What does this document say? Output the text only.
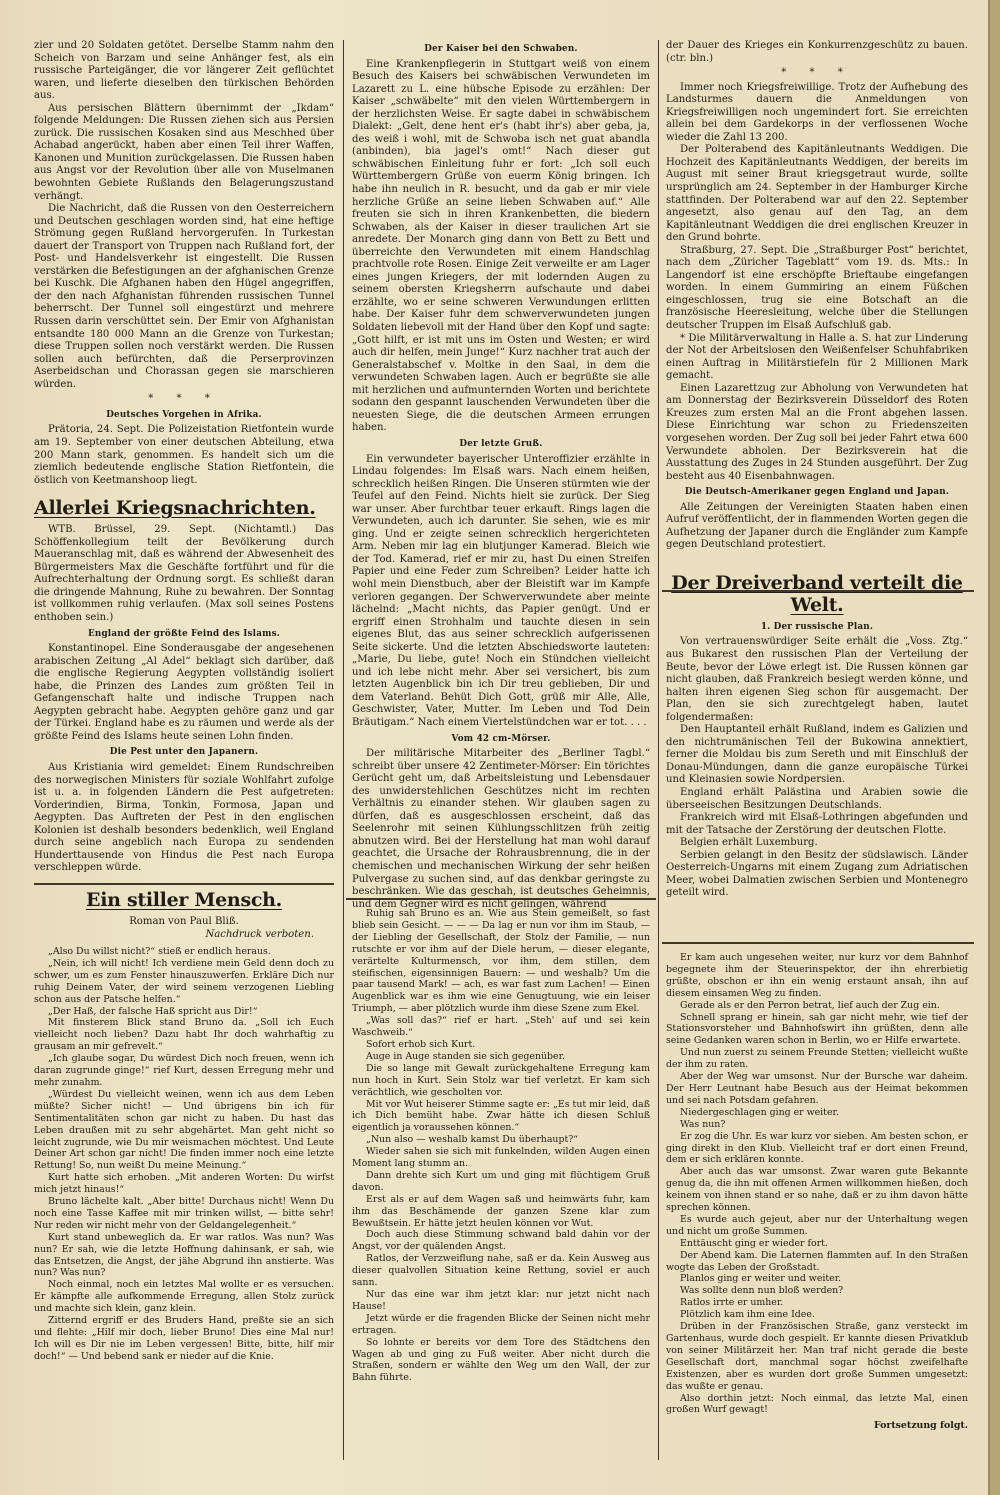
zier und 20 Soldaten getötet. Derselbe Stamm nahm den Scheich von Barzam und seine Anhänger fest, als ein russische Parteigänger, die vor längerer Zeit geflüchtet waren, und lieferte dieselben den türkischen Behörden aus.

Aus persischen Blättern übernimmt der „Ikdam“ folgende Meldungen: Die Russen ziehen sich aus Persien zurück. Die russischen Kosaken sind aus Meschhed über Achabad angerückt, haben aber einen Teil ihrer Waffen, Kanonen und Munition zurückgelassen. Die Russen haben aus Angst vor der Revolution über alle von Muselmanen bewohnten Gebiete Rußlands den Belagerungszustand verhängt.

Die Nachricht, daß die Russen von den Oesterreichern und Deutschen geschlagen worden sind, hat eine heftige Strömung gegen Rußland hervorgerufen. In Turkestan dauert der Transport von Truppen nach Rußland fort, der Post- und Handelsverkehr ist eingestellt. Die Russen verstärken die Befestigungen an der afghanischen Grenze bei Kuschk. Die Afghanen haben den Hügel angegriffen, der den nach Afghanistan führenden russischen Tunnel beherrscht. Der Tunnel soll eingestürzt und mehrere Russen darin verschüttet sein. Der Emir von Afghanistan entsandte 180 000 Mann an die Grenze von Turkestan; diese Truppen sollen noch verstärkt werden. Die Russen sollen auch befürchten, daß die Perserprovinzen Aserbeidschan und Chorassan gegen sie marschieren würden.

* * *
Deutsches Vorgehen in Afrika.

Prätoria, 24. Sept. Die Polizeistation Rietfontein wurde am 19. September von einer deutschen Abteilung, etwa 200 Mann stark, genommen. Es handelt sich um die ziemlich bedeutende englische Station Rietfontein, die östlich von Keetmanshoop liegt.

Allerlei Kriegsnachrichten.

WTB. Brüssel, 29. Sept. (Nichtamtl.) Das Schöffenkollegium teilt der Bevölkerung durch Maueranschlag mit, daß es während der Abwesenheit des Bürgermeisters Max die Geschäfte fortführt und für die Aufrechterhaltung der Ordnung sorgt. Es schließt daran die dringende Mahnung, Ruhe zu bewahren. Der Sonntag ist vollkommen ruhig verlaufen. (Max soll seines Postens enthoben sein.)

England der größte Feind des Islams.

Konstantinopel. Eine Sonderausgabe der angesehenen arabischen Zeitung „Al Adel“ beklagt sich darüber, daß die englische Regierung Aegypten vollständig isoliert habe, die Prinzen des Landes zum größten Teil in Gefangenschaft halte und indische Truppen nach Aegypten gebracht habe. Aegypten gehöre ganz und gar der Türkei. England habe es zu räumen und werde als der größte Feind des Islams heute seinen Lohn finden.

Die Pest unter den Japanern.

Aus Kristiania wird gemeldet: Einem Rundschreiben des norwegischen Ministers für soziale Wohlfahrt zufolge ist u. a. in folgenden Ländern die Pest aufgetreten: Vorderindien, Birma, Tonkin, Formosa, Japan und Aegypten. Das Auftreten der Pest in den englischen Kolonien ist deshalb besonders bedenklich, weil England durch seine angeblich nach Europa zu sendenden Hunderttausende von Hindus die Pest nach Europa verschleppen würde.

Ein stiller Mensch.
Roman von Paul Bliß.
Nachdruck verboten.

„Also Du willst nicht?“ stieß er endlich heraus.

„Nein, ich will nicht! Ich verdiene mein Geld denn doch zu schwer, um es zum Fenster hinauszuwerfen. Erkläre Dich nur ruhig Deinem Vater, der wird seinem verzogenen Liebling schon aus der Patsche helfen.“

„Der Haß, der falsche Haß spricht aus Dir!“

Mit finsterem Blick stand Bruno da. „Soll ich Euch vielleicht noch lieben? Dazu habt Ihr doch wahrhaftig zu grausam an mir gefrevelt.“

„Ich glaube sogar, Du würdest Dich noch freuen, wenn ich daran zugrunde ginge!“ rief Kurt, dessen Erregung mehr und mehr zunahm.

„Würdest Du vielleicht weinen, wenn ich aus dem Leben müßte? Sicher nicht! — Und übrigens bin ich für Sentimentalitäten schon gar nicht zu haben. Du hast das Leben draußen mit zu sehr abgehärtet. Man geht nicht so leicht zugrunde, wie Du mir weismachen möchtest. Und Leute Deiner Art schon gar nicht! Die finden immer noch eine letzte Rettung! So, nun weißt Du meine Meinung.“

Kurt hatte sich erhoben. „Mit anderen Worten: Du wirfst mich jetzt hinaus!“

Bruno lächelte kalt. „Aber bitte! Durchaus nicht! Wenn Du noch eine Tasse Kaffee mit mir trinken willst, — bitte sehr! Nur reden wir nicht mehr von der Geldangelegenheit.“

Kurt stand unbeweglich da. Er war ratlos. Was nun? Was nun? Er sah, wie die letzte Hoffnung dahinsank, er sah, wie das Entsetzen, die Angst, der jähe Abgrund ihn anstierte. Was nun? Was nun?

Noch einmal, noch ein letztes Mal wollte er es versuchen. Er kämpfte alle aufkommende Erregung, allen Stolz zurück und machte sich klein, ganz klein.

Zitternd ergriff er des Bruders Hand, preßte sie an sich und flehte: „Hilf mir doch, lieber Bruno! Dies eine Mal nur! Ich will es Dir nie im Leben vergessen! Bitte, bitte, hilf mir doch!“ — Und bebend sank er nieder auf die Knie.

Der Kaiser bei den Schwaben.

Eine Krankenpflegerin in Stuttgart weiß von einem Besuch des Kaisers bei schwäbischen Verwundeten im Lazarett zu L. eine hübsche Episode zu erzählen: Der Kaiser „schwäbelte“ mit den vielen Württembergern in der herzlichsten Weise. Er sagte dabei in schwäbischem Dialekt: „Gelt, dene hent er's (habt ihr's) aber geba, ja, des weiß i wohl, mit de Schwoba isch net guat abandla (anbinden), bia jagel's omt!“ Nach dieser gut schwäbischen Einleitung fuhr er fort: „Ich soll euch Württembergern Grüße von euerm König bringen. Ich habe ihn neulich in R. besucht, und da gab er mir viele herzliche Grüße an seine lieben Schwaben auf.“ Alle freuten sie sich in ihren Krankenbetten, die biedern Schwaben, als der Kaiser in dieser traulichen Art sie anredete. Der Monarch ging dann von Bett zu Bett und überreichte den Verwundeten mit einem Handschlag prachtvolle rote Rosen. Einige Zeit verweilte er am Lager eines jungen Kriegers, der mit lodernden Augen zu seinem obersten Kriegsherrn aufschaute und dabei erzählte, wo er seine schweren Verwundungen erlitten habe. Der Kaiser fuhr dem schwerverwundeten jungen Soldaten liebevoll mit der Hand über den Kopf und sagte: „Gott hilft, er ist mit uns im Osten und Westen; er wird auch dir helfen, mein Junge!“ Kurz nachher trat auch der Generalstabschef v. Moltke in den Saal, in dem die verwundeten Schwaben lagen. Auch er begrüßte sie alle mit herzlichen und aufmunternden Worten und berichtete sodann den gespannt lauschenden Verwundeten über die neuesten Siege, die die deutschen Armeen errungen haben.

Der letzte Gruß.

Ein verwundeter bayerischer Unteroffizier erzählte in Lindau folgendes: Im Elsaß wars. Nach einem heißen, schrecklich heißen Ringen. Die Unseren stürmten wie der Teufel auf den Feind. Nichts hielt sie zurück. Der Sieg war unser. Aber furchtbar teuer erkauft. Rings lagen die Verwundeten, auch ich darunter. Sie sehen, wie es mir ging. Und er zeigte seinen schrecklich hergerichteten Arm. Neben mir lag ein blutjunger Kamerad. Bleich wie der Tod. Kamerad, rief er mir zu, hast Du einen Streifen Papier und eine Feder zum Schreiben? Leider hatte ich wohl mein Dienstbuch, aber der Bleistift war im Kampfe verloren gegangen. Der Schwerverwundete aber meinte lächelnd: „Macht nichts, das Papier genügt. Und er ergriff einen Strohhalm und tauchte diesen in sein eigenes Blut, das aus seiner schrecklich aufgerissenen Seite sickerte. Und die letzten Abschiedsworte lauteten: „Marie, Du liebe, gute! Noch ein Stündchen vielleicht und ich lebe nicht mehr. Aber sei versichert, bis zum letzten Augenblick bin ich Dir treu geblieben, Dir und dem Vaterland. Behüt Dich Gott, grüß mir Alle, Alle, Geschwister, Vater, Mutter. Im Leben und Tod Dein Bräutigam.“ Nach einem Viertelstündchen war er tot. . . .

Vom 42 cm-Mörser.

Der militärische Mitarbeiter des „Berliner Tagbl.“ schreibt über unsere 42 Zentimeter-Mörser: Ein törichtes Gerücht geht um, daß Arbeitsleistung und Lebensdauer des unwiderstehlichen Geschützes nicht im rechten Verhältnis zu einander stehen. Wir glauben sagen zu dürfen, daß es ausgeschlossen erscheint, daß das Seelenrohr mit seinen Kühlungsschlitzen früh zeitig abnutzen wird. Bei der Herstellung hat man wohl darauf geachtet, die Ursache der Rohrausbrennung, die in der chemischen und mechanischen Wirkung der sehr heißen Pulvergase zu suchen sind, auf das denkbar geringste zu beschränken. Wie das geschah, ist deutsches Geheimnis, und dem Gegner wird es nicht gelingen, während

der Dauer des Krieges ein Konkurrenzgeschütz zu bauen. (ctr. bln.)

* * *

Immer noch Kriegsfreiwillige. Trotz der Aufhebung des Landsturmes dauern die Anmeldungen von Kriegsfreiwilligen noch ungemindert fort. Sie erreichten allein bei dem Gardekorps in der verflossenen Woche wieder die Zahl 13 200.

Der Polterabend des Kapitänleutnants Weddigen. Die Hochzeit des Kapitänleutnants Weddigen, der bereits im August mit seiner Braut kriegsgetraut wurde, sollte ursprünglich am 24. September in der Hamburger Kirche stattfinden. Der Polterabend war auf den 22. September angesetzt, also genau auf den Tag, an dem Kapitänleutnant Weddigen die drei englischen Kreuzer in den Grund bohrte.

Straßburg, 27. Sept. Die „Straßburger Post“ berichtet, nach dem „Züricher Tageblatt“ vom 19. ds. Mts.: In Langendorf ist eine erschöpfte Brieftaube eingefangen worden. In einem Gummiring an einem Füßchen eingeschlossen, trug sie eine Botschaft an die französische Heeresleitung, welche über die Stellungen deutscher Truppen im Elsaß Aufschluß gab.

* Die Militärverwaltung in Halle a. S. hat zur Linderung der Not der Arbeitslosen den Weißenfelser Schuhfabriken einen Auftrag in Militärstiefeln für 2 Millionen Mark gemacht.

Einen Lazarettzug zur Abholung von Verwundeten hat am Donnerstag der Bezirksverein Düsseldorf des Roten Kreuzes zum ersten Mal an die Front abgehen lassen. Diese Einrichtung war schon zu Friedenszeiten vorgesehen worden. Der Zug soll bei jeder Fahrt etwa 600 Verwundete abholen. Der Bezirksverein hat die Ausstattung des Zuges in 24 Stunden ausgeführt. Der Zug besteht aus 40 Eisenbahnwagen.

Die Deutsch-Amerikaner gegen England und Japan.

Alle Zeitungen der Vereinigten Staaten haben einen Aufruf veröffentlicht, der in flammenden Worten gegen die Aufhetzung der Japaner durch die Engländer zum Kampfe gegen Deutschland protestiert.

Der Dreiverband verteilt die Welt.
1. Der russische Plan.

Von vertrauenswürdiger Seite erhält die „Voss. Ztg.“ aus Bukarest den russischen Plan der Verteilung der Beute, bevor der Löwe erlegt ist. Die Russen können gar nicht glauben, daß Frankreich besiegt werden könne, und halten ihren eigenen Sieg schon für ausgemacht. Der Plan, den sie sich zurechtgelegt haben, lautet folgendermaßen:

Den Hauptanteil erhält Rußland, indem es Galizien und den nichtrumänischen Teil der Bukowina annektiert, ferner die Moldau bis zum Sereth und mit Einschluß der Donau-Mündungen, dann die ganze europäische Türkei und Kleinasien sowie Nordpersien.

England erhält Palästina und Arabien sowie die überseeischen Besitzungen Deutschlands.

Frankreich wird mit Elsaß-Lothringen abgefunden und mit der Tatsache der Zerstörung der deutschen Flotte.

Belgien erhält Luxemburg.

Serbien gelangt in den Besitz der südslawisch. Länder Oesterreich-Ungarns mit einem Zugang zum Adriatischen Meer, wobei Dalmatien zwischen Serbien und Montenegro geteilt wird.

Ruhig sah Bruno es an. Wie aus Stein gemeißelt, so fast blieb sein Gesicht. — — — Da lag er nun vor ihm im Staub, — der Liebling der Gesellschaft, der Stolz der Familie, — nun rutschte er vor ihm auf der Diele herum, — dieser elegante, verärtelte Kulturmensch, vor ihm, dem stillen, dem steifischen, eigensinnigen Bauern: — und weshalb? Um die paar tausend Mark! — ach, es war fast zum Lachen! — Einen Augenblick war es ihm wie eine Genugtuung, wie ein leiser Triumph, — aber plötzlich wurde ihm diese Szene zum Ekel.

„Was soll das?“ rief er hart. „Steh' auf und sei kein Waschweib.“

Sofort erhob sich Kurt.

Auge in Auge standen sie sich gegenüber.

Die so lange mit Gewalt zurückgehaltene Erregung kam nun hoch in Kurt. Sein Stolz war tief verletzt. Er kam sich verächtlich, wie gescholten vor.

Mit vor Wut heiserer Stimme sagte er: „Es tut mir leid, daß ich Dich bemüht habe. Zwar hätte ich diesen Schluß eigentlich ja voraussehen können.“

„Nun also — weshalb kamst Du überhaupt?“

Wieder sahen sie sich mit funkelnden, wilden Augen einen Moment lang stumm an.

Dann drehte sich Kurt um und ging mit flüchtigem Gruß davon.

Erst als er auf dem Wagen saß und heimwärts fuhr, kam ihm das Beschämende der ganzen Szene klar zum Bewußtsein. Er hätte jetzt heulen können vor Wut.

Doch auch diese Stimmung schwand bald dahin vor der Angst, vor der quälenden Angst.

Ratlos, der Verzweiflung nahe, saß er da. Kein Ausweg aus dieser qualvollen Situation keine Rettung, soviel er auch sann.

Nur das eine war ihm jetzt klar: nur jetzt nicht nach Hause!

Jetzt würde er die fragenden Blicke der Seinen nicht mehr ertragen.

So lohnte er bereits vor dem Tore des Städtchens den Wagen ab und ging zu Fuß weiter. Aber nicht durch die Straßen, sondern er wählte den Weg um den Wall, der zur Bahn führte.

Er kam auch ungesehen weiter, nur kurz vor dem Bahnhof begegnete ihm der Steuerinspektor, der ihn ehrerbietig grüßte, obschon er ihn ein wenig erstaunt ansah, ihn auf diesem einsamen Weg zu finden.

Gerade als er den Perron betrat, lief auch der Zug ein.

Schnell sprang er hinein, sah gar nicht mehr, wie tief der Stationsvorsteher und Bahnhofswirt ihn grüßten, denn alle seine Gedanken waren schon in Berlin, wo er Hilfe erwartete.

Und nun zuerst zu seinem Freunde Stetten; vielleicht wußte der ihm zu raten.

Aber der Weg war umsonst. Nur der Bursche war daheim. Der Herr Leutnant habe Besuch aus der Heimat bekommen und sei nach Potsdam gefahren.

Niedergeschlagen ging er weiter.

Was nun?

Er zog die Uhr. Es war kurz vor sieben. Am besten schon, er ging direkt in den Klub. Vielleicht traf er dort einen Freund, dem er sich erklären konnte.

Aber auch das war umsonst. Zwar waren gute Bekannte genug da, die ihn mit offenen Armen willkommen hießen, doch keinem von ihnen stand er so nahe, daß er zu ihm davon hätte sprechen können.

Es wurde auch gejeut, aber nur der Unterhaltung wegen und nicht um große Summen.

Enttäuscht ging er wieder fort.

Der Abend kam. Die Laternen flammten auf. In den Straßen wogte das Leben der Großstadt.

Planlos ging er weiter und weiter.

Was sollte denn nun bloß werden?

Ratlos irrte er umher.

Plötzlich kam ihm eine Idee.

Drüben in der Französischen Straße, ganz versteckt im Gartenhaus, wurde doch gespielt. Er kannte diesen Privatklub von seiner Militärzeit her. Man traf nicht gerade die beste Gesellschaft dort, manchmal sogar höchst zweifelhafte Existenzen, aber es wurden dort große Summen umgesetzt: das wußte er genau.

Also dorthin jetzt: Noch einmal, das letzte Mal, einen großen Wurf gewagt!

Fortsetzung folgt.
